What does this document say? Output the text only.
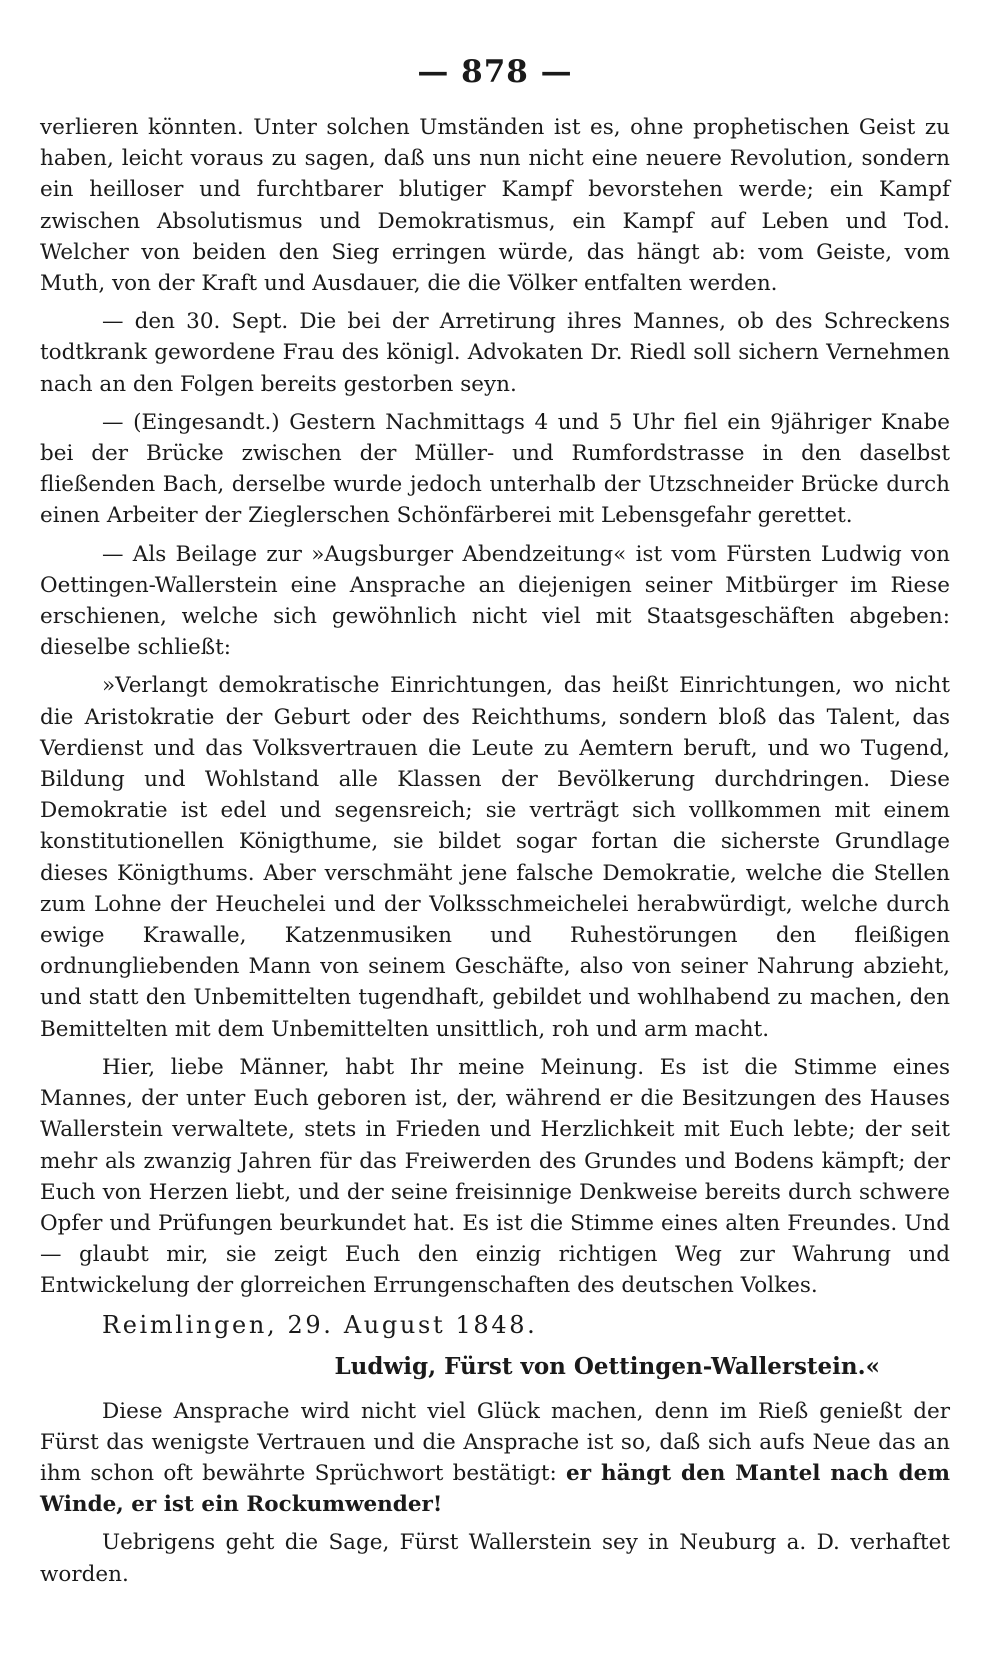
— 878 —

verlieren könnten. Unter solchen Umständen ist es, ohne prophetischen Geist zu haben, leicht voraus zu sagen, daß uns nun nicht eine neuere Revolution, sondern ein heilloser und furchtbarer blutiger Kampf bevorstehen werde; ein Kampf zwischen Absolutismus und Demokratismus, ein Kampf auf Leben und Tod. Welcher von beiden den Sieg erringen würde, das hängt ab: vom Geiste, vom Muth, von der Kraft und Ausdauer, die die Völker entfalten werden.

— den 30. Sept. Die bei der Arretirung ihres Mannes, ob des Schreckens todtkrank gewordene Frau des königl. Advokaten Dr. Riedl soll sichern Vernehmen nach an den Folgen bereits gestorben seyn.

— (Eingesandt.) Gestern Nachmittags 4 und 5 Uhr fiel ein 9jähriger Knabe bei der Brücke zwischen der Müller- und Rumfordstrasse in den daselbst fließenden Bach, derselbe wurde jedoch unterhalb der Utzschneider Brücke durch einen Arbeiter der Zieglerschen Schönfärberei mit Lebensgefahr gerettet.

— Als Beilage zur »Augsburger Abendzeitung« ist vom Fürsten Ludwig von Oettingen-Wallerstein eine Ansprache an diejenigen seiner Mitbürger im Riese erschienen, welche sich gewöhnlich nicht viel mit Staatsgeschäften abgeben: dieselbe schließt:

»Verlangt demokratische Einrichtungen, das heißt Einrichtungen, wo nicht die Aristokratie der Geburt oder des Reichthums, sondern bloß das Talent, das Verdienst und das Volksvertrauen die Leute zu Aemtern beruft, und wo Tugend, Bildung und Wohlstand alle Klassen der Bevölkerung durchdringen. Diese Demokratie ist edel und segensreich; sie verträgt sich vollkommen mit einem konstitutionellen Königthume, sie bildet sogar fortan die sicherste Grundlage dieses Königthums. Aber verschmäht jene falsche Demokratie, welche die Stellen zum Lohne der Heuchelei und der Volksschmeichelei herabwürdigt, welche durch ewige Krawalle, Katzenmusiken und Ruhestörungen den fleißigen ordnungliebenden Mann von seinem Geschäfte, also von seiner Nahrung abzieht, und statt den Unbemittelten tugendhaft, gebildet und wohlhabend zu machen, den Bemittelten mit dem Unbemittelten unsittlich, roh und arm macht.

Hier, liebe Männer, habt Ihr meine Meinung. Es ist die Stimme eines Mannes, der unter Euch geboren ist, der, während er die Besitzungen des Hauses Wallerstein verwaltete, stets in Frieden und Herzlichkeit mit Euch lebte; der seit mehr als zwanzig Jahren für das Freiwerden des Grundes und Bodens kämpft; der Euch von Herzen liebt, und der seine freisinnige Denkweise bereits durch schwere Opfer und Prüfungen beurkundet hat. Es ist die Stimme eines alten Freundes. Und — glaubt mir, sie zeigt Euch den einzig richtigen Weg zur Wahrung und Entwickelung der glorreichen Errungenschaften des deutschen Volkes.

Reimlingen, 29. August 1848.

Ludwig, Fürst von Oettingen-Wallerstein.«

Diese Ansprache wird nicht viel Glück machen, denn im Rieß genießt der Fürst das wenigste Vertrauen und die Ansprache ist so, daß sich aufs Neue das an ihm schon oft bewährte Sprüchwort bestätigt: er hängt den Mantel nach dem Winde, er ist ein Rockumwender!

Uebrigens geht die Sage, Fürst Wallerstein sey in Neuburg a. D. verhaftet worden.
